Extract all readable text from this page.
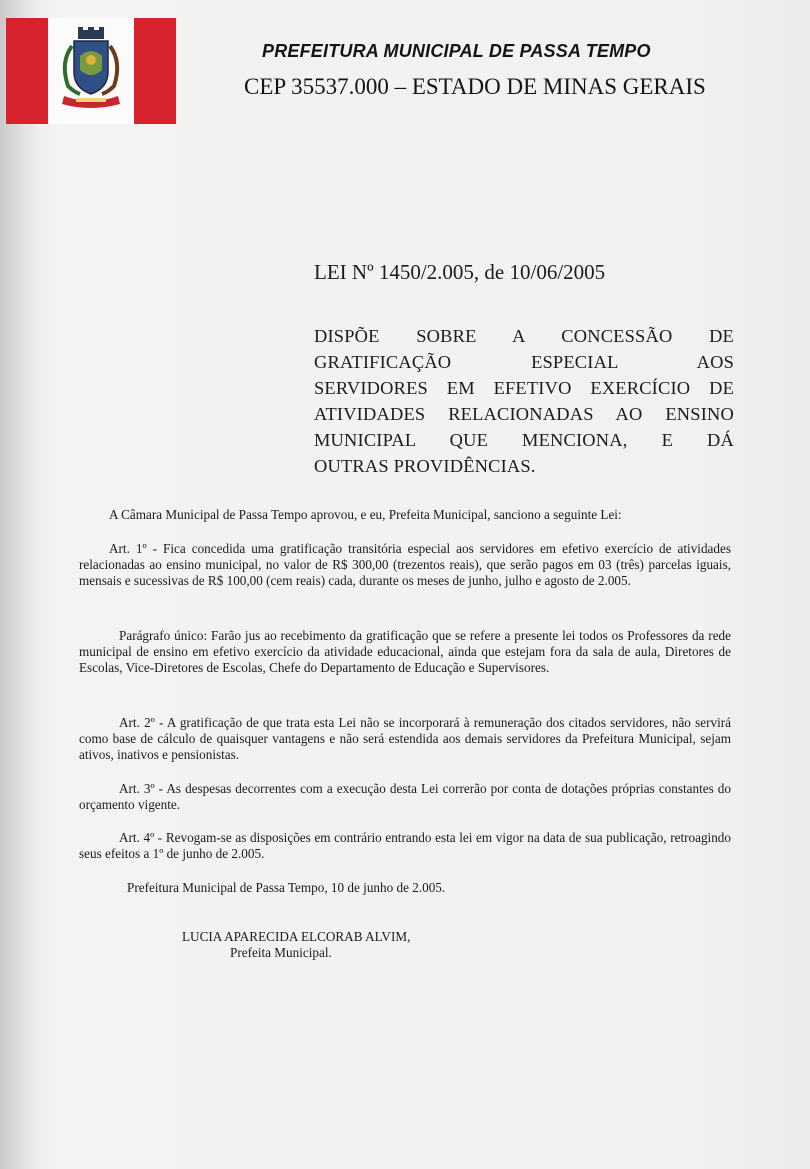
PREFEITURA MUNICIPAL DE PASSA TEMPO
CEP 35537.000 – ESTADO DE MINAS GERAIS
LEI Nº 1450/2.005, de 10/06/2005
DISPÕE SOBRE A CONCESSÃO DE
GRATIFICAÇÃO ESPECIAL AOS
SERVIDORES EM EFETIVO EXERCÍCIO DE
ATIVIDADES RELACIONADAS AO ENSINO
MUNICIPAL QUE MENCIONA, E DÁ
OUTRAS PROVIDÊNCIAS.
A Câmara Municipal de Passa Tempo aprovou, e eu, Prefeita Municipal, sanciono a seguinte Lei:
Art. 1º - Fica concedida uma gratificação transitória especial aos servidores em efetivo exercício de atividades relacionadas ao ensino municipal, no valor de R$ 300,00 (trezentos reais), que serão pagos em 03 (três) parcelas iguais, mensais e sucessivas de R$ 100,00 (cem reais) cada, durante os meses de junho, julho e agosto de 2.005.
Parágrafo único: Farão jus ao recebimento da gratificação que se refere a presente lei todos os Professores da rede municipal de ensino em efetivo exercício da atividade educacional, ainda que estejam fora da sala de aula, Diretores de Escolas, Vice-Diretores de Escolas, Chefe do Departamento de Educação e Supervisores.
Art. 2º - A gratificação de que trata esta Lei não se incorporará à remuneração dos citados servidores, não servirá como base de cálculo de quaisquer vantagens e não será estendida aos demais servidores da Prefeitura Municipal, sejam ativos, inativos e pensionistas.
Art. 3º - As despesas decorrentes com a execução desta Lei correrão por conta de dotações próprias constantes do orçamento vigente.
Art. 4º - Revogam-se as disposições em contrário entrando esta lei em vigor na data de sua publicação, retroagindo seus efeitos a 1º de junho de 2.005.
Prefeitura Municipal de Passa Tempo, 10 de junho de 2.005.
LUCIA APARECIDA ELCORAB ALVIM,
Prefeita Municipal.
